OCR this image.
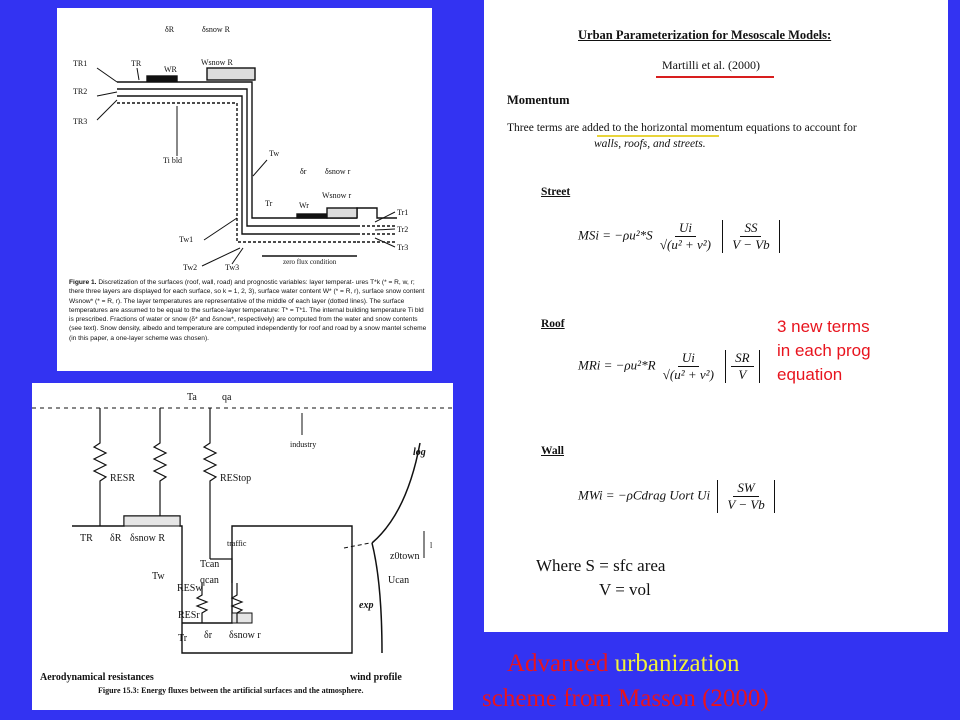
δR	δsnow R
Wsnow R
WR
TR1
TR2
TR3
TR
Ti bld
Tw
δr δsnow r
Wsnow r
Tr	Wr
Tr1
Tr2
Tr3
Tw1
Tw2	Tw3
zero flux condition
Figure 1. Discretization of the surfaces (roof, wall, road) and prognostic variables: layer temperat- ures T*k (* = R, w, r; there three layers are displayed for each surface, so k = 1, 2, 3), surface water content W* (* = R, r), surface snow content Wsnow* (* = R, r). The layer temperatures are representative of the middle of each layer (dotted lines). The surface temperatures are assumed to be equal to the surface-layer temperature: T* = T*1. The internal building temperature Ti bld is prescribed. Fractions of water or snow (δ* and δsnow*, respectively) are computed from the water and snow contents (see text). Snow density, albedo and temperature are computed independently for roof and road by a snow mantel scheme (in this paper, a one-layer scheme was chosen).
Ta	qa
industry
log
RESR	REStop
TR δR δsnow R	traffic
Tcan
qcan
Tw
RESw
RESr
Tr δr δsnow r
z0town
Ucan
exp
l
Aerodynamical resistances	wind profile
Figure 15.3: Energy fluxes between the artificial surfaces and the atmosphere.
Urban Parameterization for Mesoscale Models:
Martilli et al. (2000)
Momentum
Three terms are added to the horizontal momentum equations to account for
walls, roofs, and streets.
Street
MSi = $-\rho u^2*S \frac{Ui}{\text{√(u² + v²)}}$
$\frac{SS}{V - Vb}$
Roof
MRi = $-\rho u^2*R \frac{Ui}{\text{√(u² + v²)}}$
$\frac{SR}{V}$
Wall
MWi = −ρCdrag Uort Ui $\frac{SW}{V - Vb}$
Where S = sfc area
V = vol
3 new terms
in each prog
equation
Advanced urbanization
scheme from Masson (2000)
